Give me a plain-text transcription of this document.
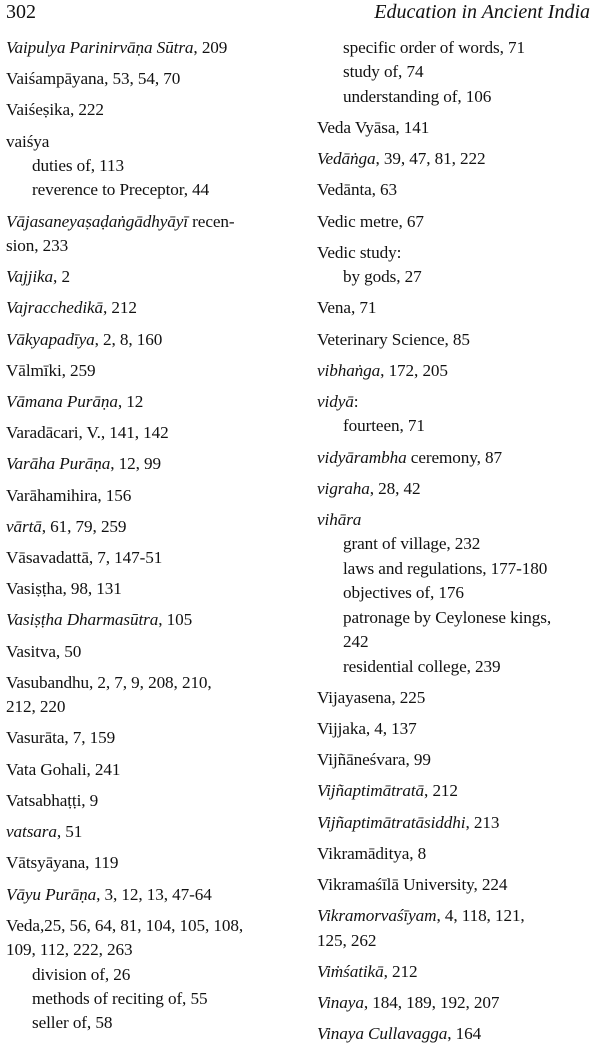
302	Education in Ancient India
Vaipulya Parinirvāṇa Sūtra, 209
Vaiśampāyana, 53, 54, 70
Vaiśeṣika, 222
vaiśya
duties of, 113
reverence to Preceptor, 44
Vājasaneyaṣaḍaṅgādhyāyī recen-
sion, 233
Vajjika, 2
Vajracchedikā, 212
Vākyapadīya, 2, 8, 160
Vālmīki, 259
Vāmana Purāṇa, 12
Varadācari, V., 141, 142
Varāha Purāṇa, 12, 99
Varāhamihira, 156
vārtā, 61, 79, 259
Vāsavadattā, 7, 147-51
Vasiṣṭha, 98, 131
Vasiṣṭha Dharmasūtra, 105
Vasitva, 50
Vasubandhu, 2, 7, 9, 208, 210,
212, 220
Vasurāta, 7, 159
Vata Gohali, 241
Vatsabhaṭṭi, 9
vatsara, 51
Vātsyāyana, 119
Vāyu Purāṇa, 3, 12, 13, 47-64
Veda,25, 56, 64, 81, 104, 105, 108,
109, 112, 222, 263
division of, 26
methods of reciting of, 55
seller of, 58
specific order of words, 71
study of, 74
understanding of, 106
Veda Vyāsa, 141
Vedāṅga, 39, 47, 81, 222
Vedānta, 63
Vedic metre, 67
Vedic study:
by gods, 27
Vena, 71
Veterinary Science, 85
vibhaṅga, 172, 205
vidyā:
fourteen, 71
vidyārambha ceremony, 87
vigraha, 28, 42
vihāra
grant of village, 232
laws and regulations, 177-180
objectives of, 176
patronage by Ceylonese kings,
242
residential college, 239
Vijayasena, 225
Vijjaka, 4, 137
Vijñāneśvara, 99
Vijñaptimātratā, 212
Vijñaptimātratāsiddhi, 213
Vikramāditya, 8
Vikramaśīlā University, 224
Vikramorvaśīyam, 4, 118, 121,
125, 262
Viṁśatikā, 212
Vinaya, 184, 189, 192, 207
Vinaya Cullavagga, 164
